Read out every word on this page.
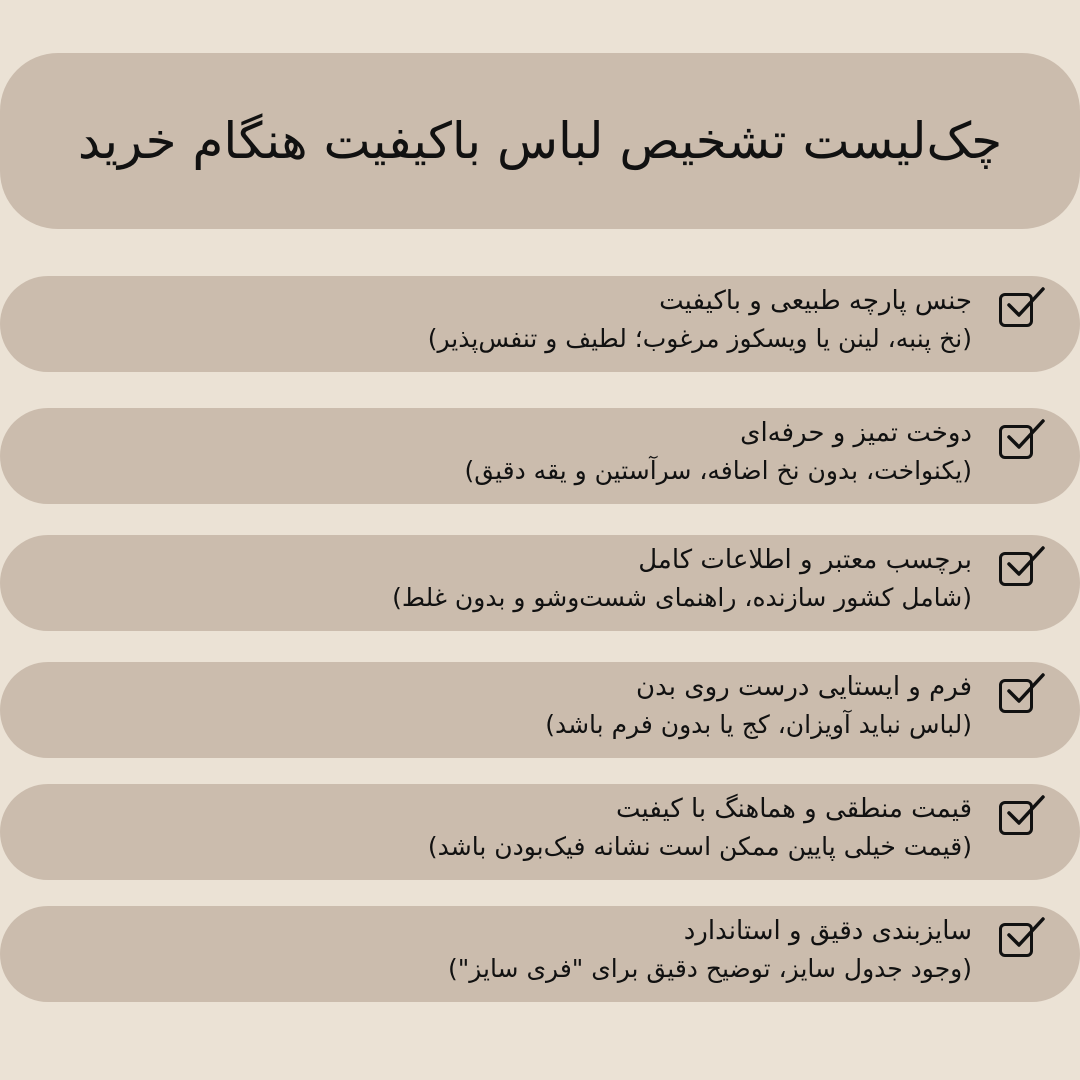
چک‌لیست تشخیص لباس باکیفیت هنگام خرید
جنس پارچه طبیعی و باکیفیت
(نخ پنبه، لینن یا ویسکوز مرغوب؛ لطیف و تنفس‌پذیر)
دوخت تمیز و حرفه‌ای
(یکنواخت، بدون نخ اضافه، سرآستین و یقه دقیق)
برچسب معتبر و اطلاعات کامل
(شامل کشور سازنده، راهنمای شست‌وشو و بدون غلط)
فرم و ایستایی درست روی بدن
(لباس نباید آویزان، کج یا بدون فرم باشد)
قیمت منطقی و هماهنگ با کیفیت
(قیمت خیلی پایین ممکن است نشانه فیک‌بودن باشد)
سایزبندی دقیق و استاندارد
(وجود جدول سایز، توضیح دقیق برای "فری سایز")
